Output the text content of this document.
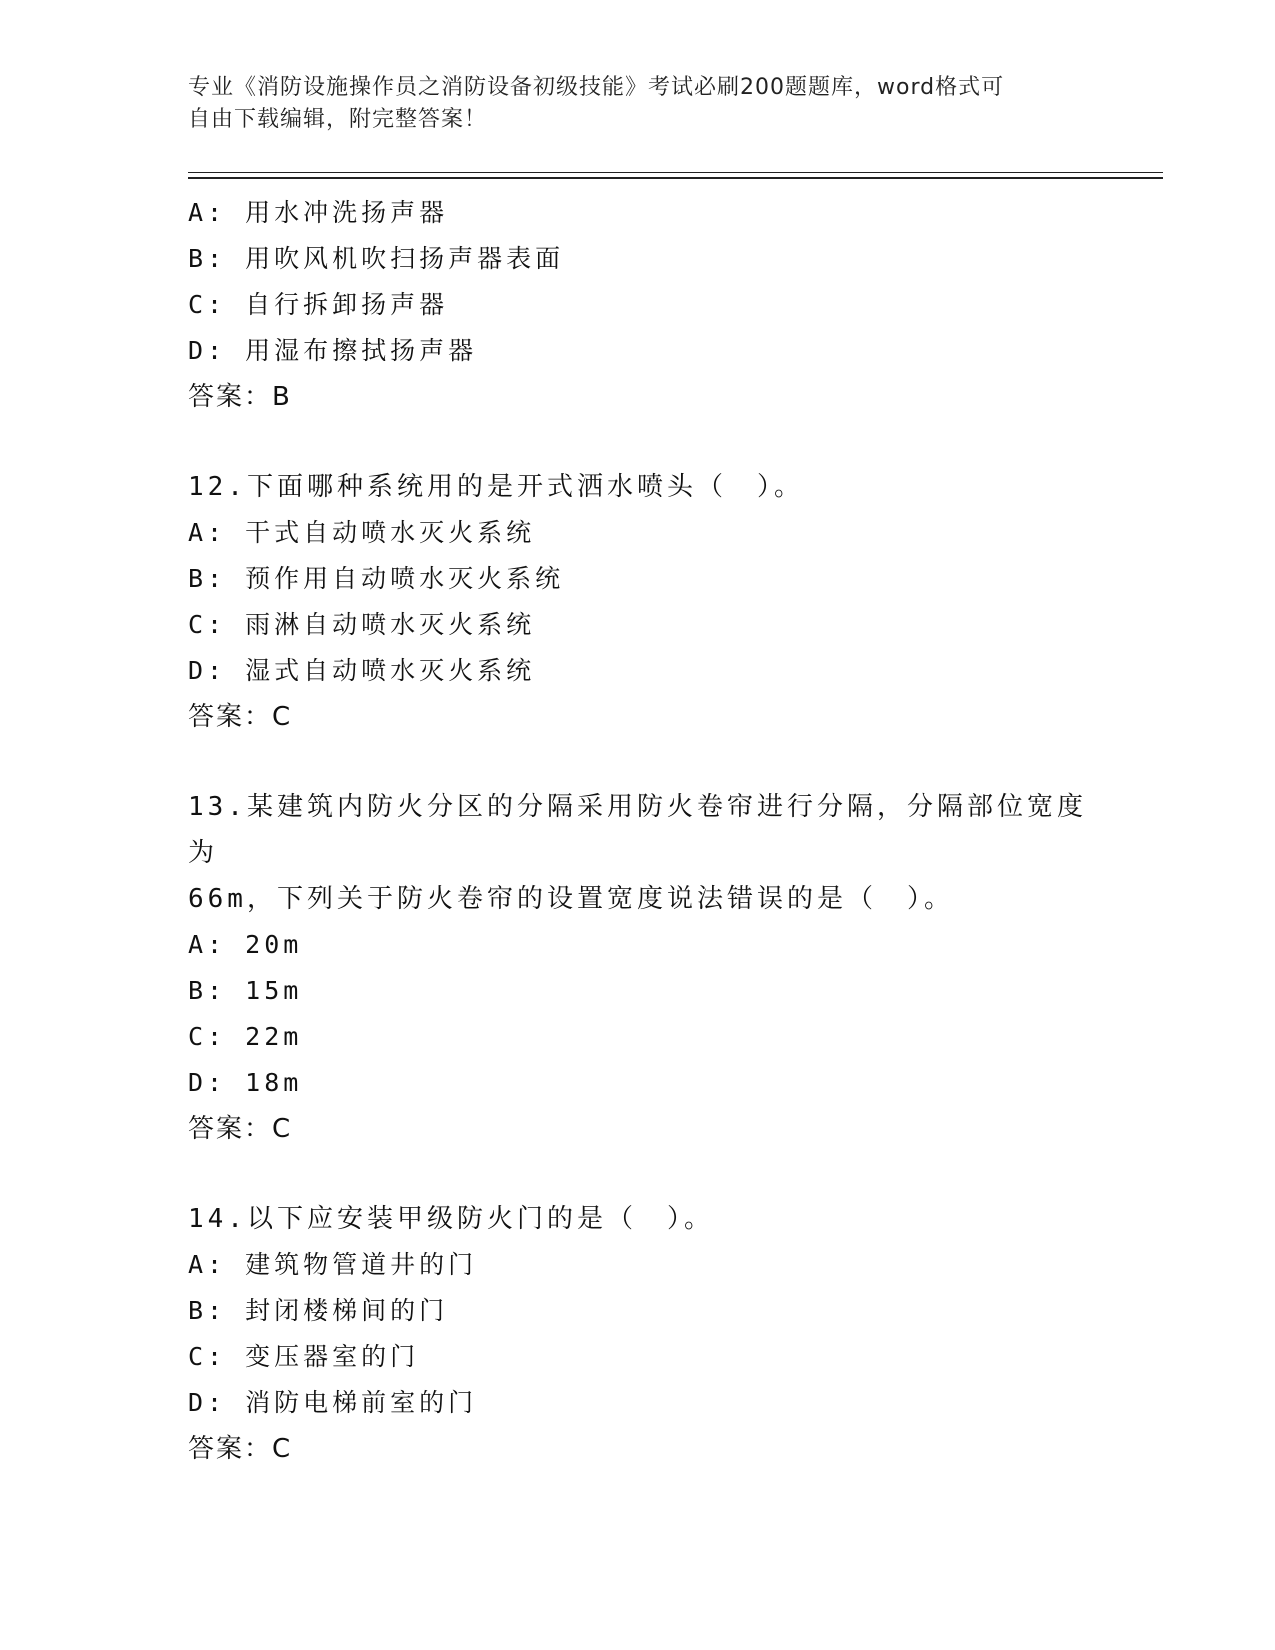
专业《消防设施操作员之消防设备初级技能》考试必刷200题题库，word格式可
自由下载编辑，附完整答案！
A: 用水冲洗扬声器
B: 用吹风机吹扫扬声器表面
C: 自行拆卸扬声器
D: 用湿布擦拭扬声器
答案：B
12.下面哪种系统用的是开式洒水喷头（　）。
A: 干式自动喷水灭火系统
B: 预作用自动喷水灭火系统
C: 雨淋自动喷水灭火系统
D: 湿式自动喷水灭火系统
答案：C
13.某建筑内防火分区的分隔采用防火卷帘进行分隔，分隔部位宽度为
66m，下列关于防火卷帘的设置宽度说法错误的是（　）。
A: 20m
B: 15m
C: 22m
D: 18m
答案：C
14.以下应安装甲级防火门的是（　）。
A: 建筑物管道井的门
B: 封闭楼梯间的门
C: 变压器室的门
D: 消防电梯前室的门
答案：C
